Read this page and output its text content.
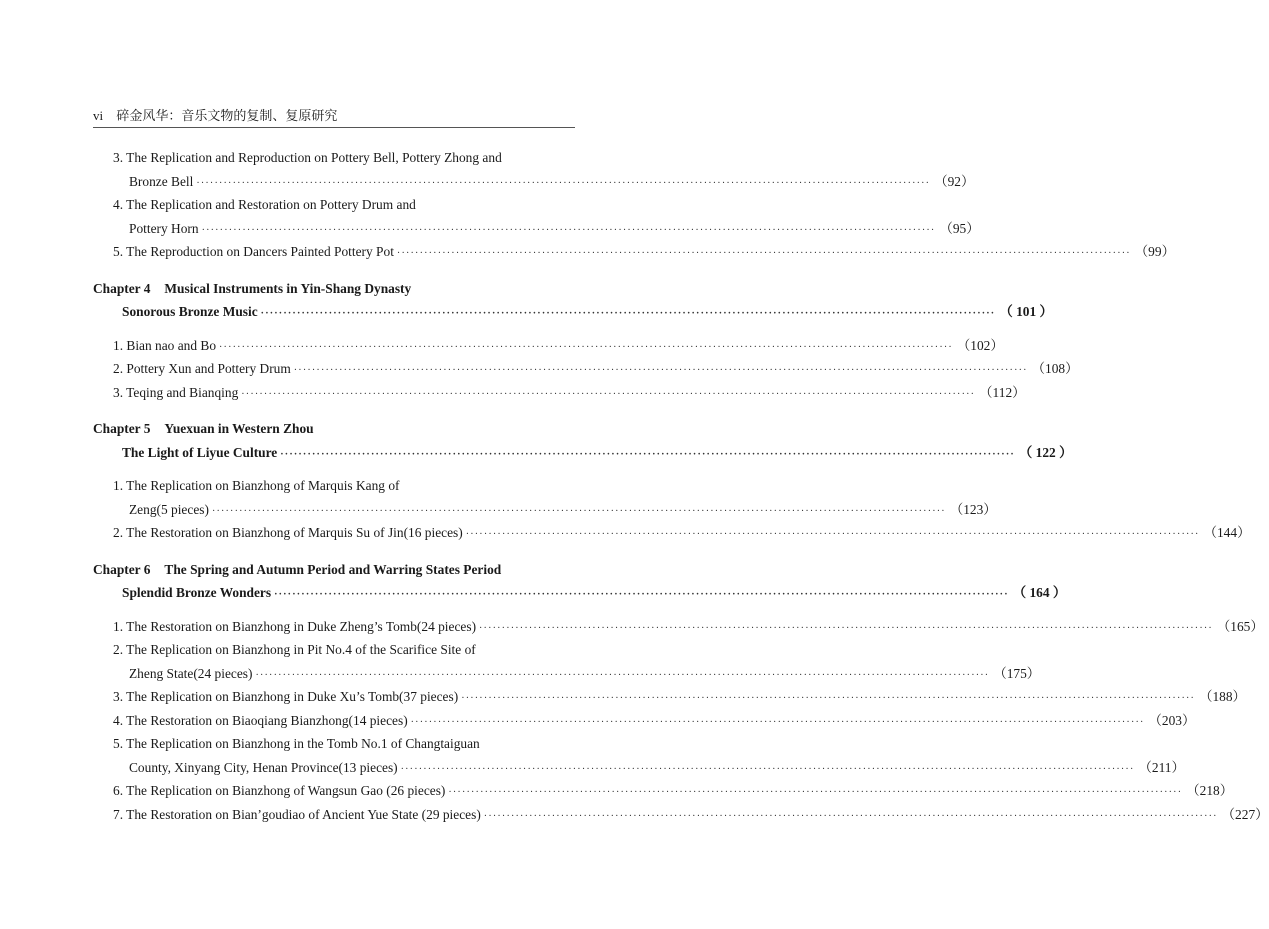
vi 碎金风华：音乐文物的复制、复原研究
3. The Replication and Reproduction on Pottery Bell, Pottery Zhong and
Bronze Bell ·····	（92）
4. The Replication and Restoration on Pottery Drum and
Pottery Horn ·····	（95）
5. The Reproduction on Dancers Painted Pottery Pot ·····	（99）
Chapter 4 Musical Instruments in Yin-Shang Dynasty
Sonorous Bronze Music ·····	（ 101 ）
1. Bian nao and Bo ·····	（102）
2. Pottery Xun and Pottery Drum ·····	（108）
3. Teqing and Bianqing ·····	（112）
Chapter 5 Yuexuan in Western Zhou
The Light of Liyue Culture ·····	（ 122 ）
1. The Replication on Bianzhong of Marquis Kang of
Zeng(5 pieces) ·····	（123）
2. The Restoration on Bianzhong of Marquis Su of Jin(16 pieces) ·····	（144）
Chapter 6 The Spring and Autumn Period and Warring States Period
Splendid Bronze Wonders ·····	（ 164 ）
1. The Restoration on Bianzhong in Duke Zheng’s Tomb(24 pieces) ·····	（165）
2. The Replication on Bianzhong in Pit No.4 of the Scarifice Site of
Zheng State(24 pieces) ·····	（175）
3. The Replication on Bianzhong in Duke Xu’s Tomb(37 pieces) ·····	（188）
4. The Restoration on Biaoqiang Bianzhong(14 pieces) ·····	（203）
5. The Replication on Bianzhong in the Tomb No.1 of Changtaiguan
County, Xinyang City, Henan Province(13 pieces) ·····	（211）
6. The Replication on Bianzhong of Wangsun Gao (26 pieces) ·····	（218）
7. The Restoration on Bian’goudiao of Ancient Yue State (29 pieces) ·····	（227）
